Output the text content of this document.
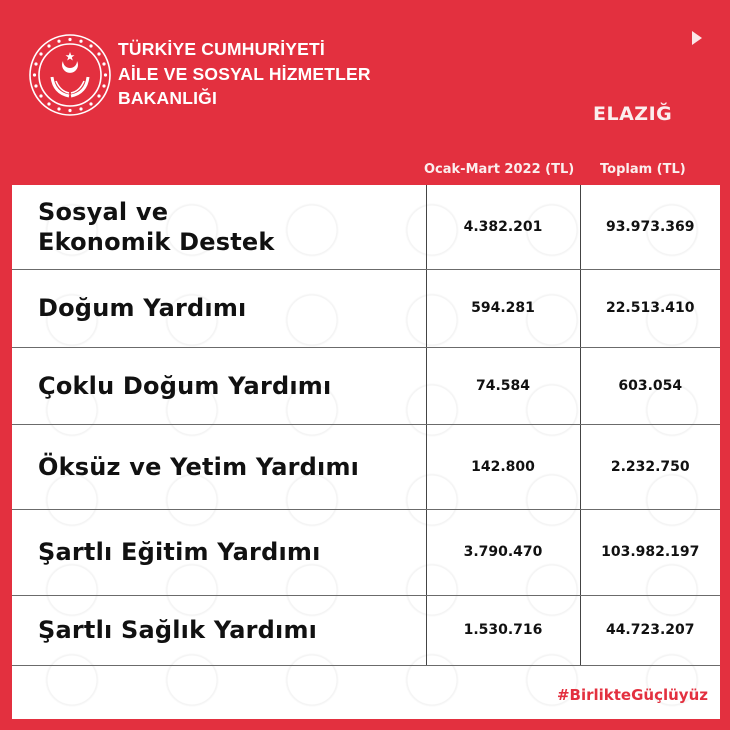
TÜRKİYE CUMHURİYETİ
AİLE VE SOSYAL HİZMETLER
BAKANLIĞI
ELAZIĞ
Ocak-Mart 2022 (TL) Toplam (TL)
Sosyal ve Ekonomik Destek	4.382.201	93.973.369
Doğum Yardımı	594.281	22.513.410
Çoklu Doğum Yardımı	74.584	603.054
Öksüz ve Yetim Yardımı	142.800	2.232.750
Şartlı Eğitim Yardımı	3.790.470	103.982.197
Şartlı Sağlık Yardımı	1.530.716	44.723.207
#BirlikteGüçlüyüz
